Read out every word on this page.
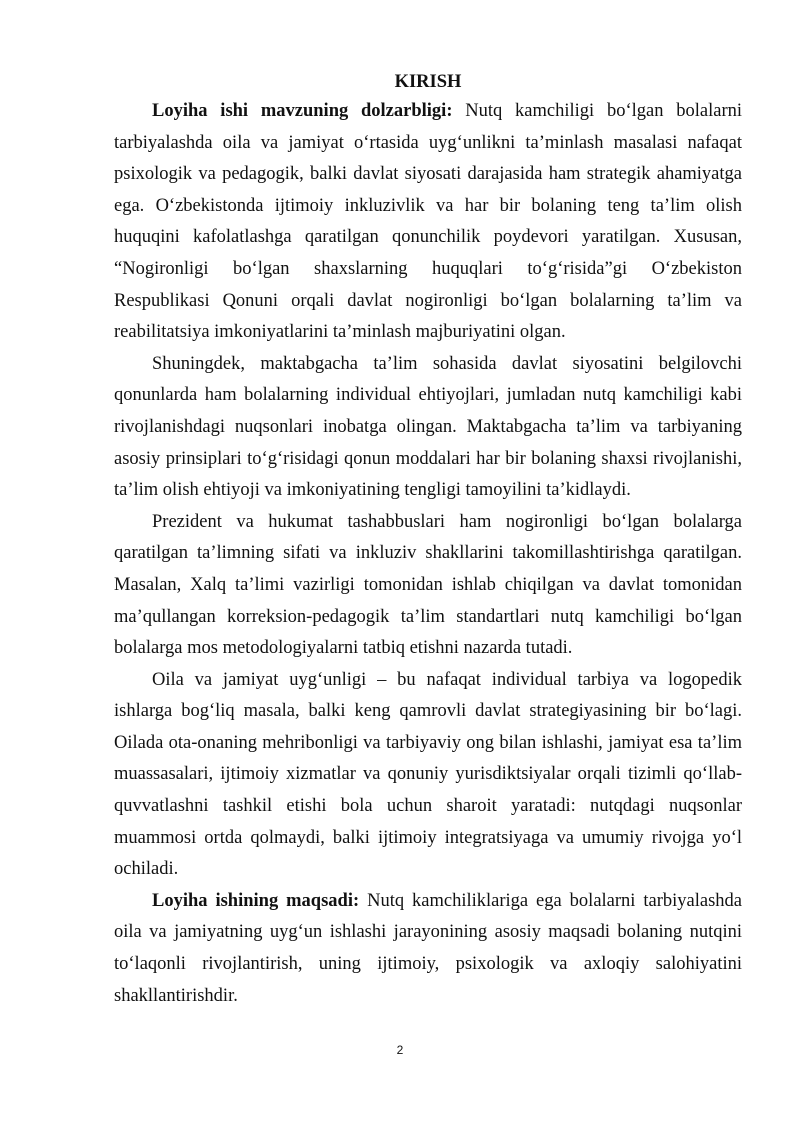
KIRISH

Loyiha ishi mavzuning dolzarbligi: Nutq kamchiligi bo‘lgan bolalarni tarbiyalashda oila va jamiyat o‘rtasida uyg‘unlikni ta’minlash masalasi nafaqat psixologik va pedagogik, balki davlat siyosati darajasida ham strategik ahamiyatga ega. O‘zbekistonda ijtimoiy inkluzivlik va har bir bolaning teng ta’lim olish huquqini kafolatlashga qaratilgan qonunchilik poydevori yaratilgan. Xususan, “Nogironligi bo‘lgan shaxslarning huquqlari to‘g‘risida”gi O‘zbekiston Respublikasi Qonuni orqali davlat nogironligi bo‘lgan bolalarning ta’lim va reabilitatsiya imkoniyatlarini ta’minlash majburiyatini olgan.

Shuningdek, maktabgacha ta’lim sohasida davlat siyosatini belgilovchi qonunlarda ham bolalarning individual ehtiyojlari, jumladan nutq kamchiligi kabi rivojlanishdagi nuqsonlari inobatga olingan. Maktabgacha ta’lim va tarbiyaning asosiy prinsiplari to‘g‘risidagi qonun moddalari har bir bolaning shaxsi rivojlanishi, ta’lim olish ehtiyoji va imkoniyatining tengligi tamoyilini ta’kidlaydi.

Prezident va hukumat tashabbuslari ham nogironligi bo‘lgan bolalarga qaratilgan ta’limning sifati va inkluziv shakllarini takomillashtirishga qaratilgan. Masalan, Xalq ta’limi vazirligi tomonidan ishlab chiqilgan va davlat tomonidan ma’qullangan korreksion-pedagogik ta’lim standartlari nutq kamchiligi bo‘lgan bolalarga mos metodologiyalarni tatbiq etishni nazarda tutadi.

Oila va jamiyat uyg‘unligi – bu nafaqat individual tarbiya va logopedik ishlarga bog‘liq masala, balki keng qamrovli davlat strategiyasining bir bo‘lagi. Oilada ota-onaning mehribonligi va tarbiyaviy ong bilan ishlashi, jamiyat esa ta’lim muassasalari, ijtimoiy xizmatlar va qonuniy yurisdiktsiyalar orqali tizimli qo‘llab-quvvatlashni tashkil etishi bola uchun sharoit yaratadi: nutqdagi nuqsonlar muammosi ortda qolmaydi, balki ijtimoiy integratsiyaga va umumiy rivojga yo‘l ochiladi.

Loyiha ishining maqsadi: Nutq kamchiliklariga ega bolalarni tarbiyalashda oila va jamiyatning uyg‘un ishlashi jarayonining asosiy maqsadi bolaning nutqini to‘laqonli rivojlantirish, uning ijtimoiy, psixologik va axloqiy salohiyatini shakllantirishdir.

2
